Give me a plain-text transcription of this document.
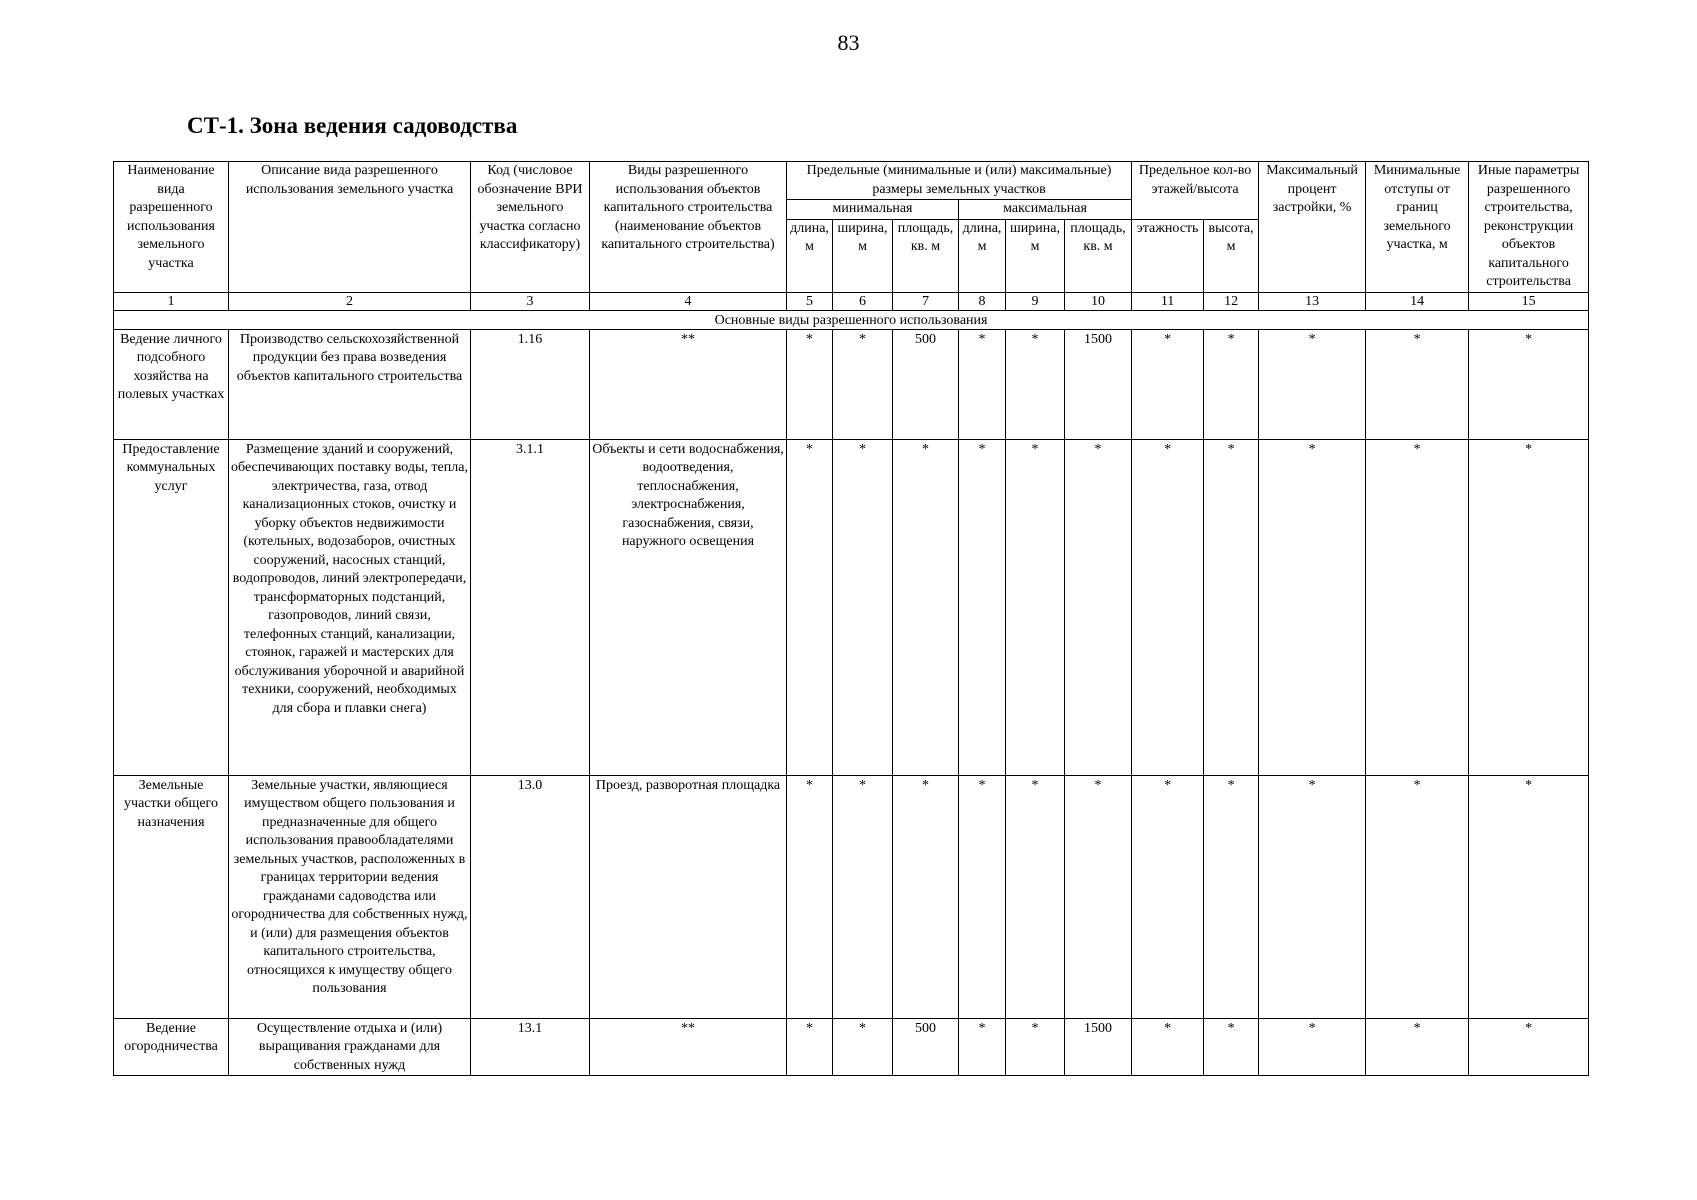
83
СТ-1. Зона ведения садоводства
Наименование вида разрешенного использования земельного участка	Описание вида разрешенного использования земельного участка	Код (числовое обозначение ВРИ земельного участка согласно классификатору)	Виды разрешенного использования объектов капитального строительства (наименование объектов капитального строительства)	Предельные (минимальные и (или) максимальные) размеры земельных участков						Предельное кол-во этажей/высота		Максимальный процент застройки, %	Минимальные отступы от границ земельного участка, м	Иные параметры разрешенного строительства, реконструкции объектов капитального строительства
				минимальная			максимальная							
				длина, м	ширина, м	площадь, кв. м	длина, м	ширина, м	площадь, кв. м	этажность	высота, м			

1	2	3	4	5	6	7	8	9	10	11	12	13	14	15
Основные виды разрешенного использования														
Ведение личного подсобного хозяйства на полевых участках	Производство сельскохозяйственной продукции без права возведения объектов капитального строительства	1.16	**	*	*	500	*	*	1500	*	*	*	*	*
Предоставление коммунальных услуг	Размещение зданий и сооружений, обеспечивающих поставку воды, тепла, электричества, газа, отвод канализационных стоков, очистку и уборку объектов недвижимости (котельных, водозаборов, очистных сооружений, насосных станций, водопроводов, линий электропередачи, трансформаторных подстанций, газопроводов, линий связи, телефонных станций, канализации, стоянок, гаражей и мастерских для обслуживания уборочной и аварийной техники, сооружений, необходимых для сбора и плавки снега)	3.1.1	Объекты и сети водоснабжения, водоотведения, теплоснабжения, электроснабжения, газоснабжения, связи, наружного освещения	*	*	*	*	*	*	*	*	*	*	*
Земельные участки общего назначения	Земельные участки, являющиеся имуществом общего пользования и предназначенные для общего использования правообладателями земельных участков, расположенных в границах территории ведения гражданами садоводства или огородничества для собственных нужд, и (или) для размещения объектов капитального строительства, относящихся к имуществу общего пользования	13.0	Проезд, разворотная площадка	*	*	*	*	*	*	*	*	*	*	*
Ведение огородничества	Осуществление отдыха и (или) выращивания гражданами для собственных нужд	13.1	**	*	*	500	*	*	1500	*	*	*	*	*
